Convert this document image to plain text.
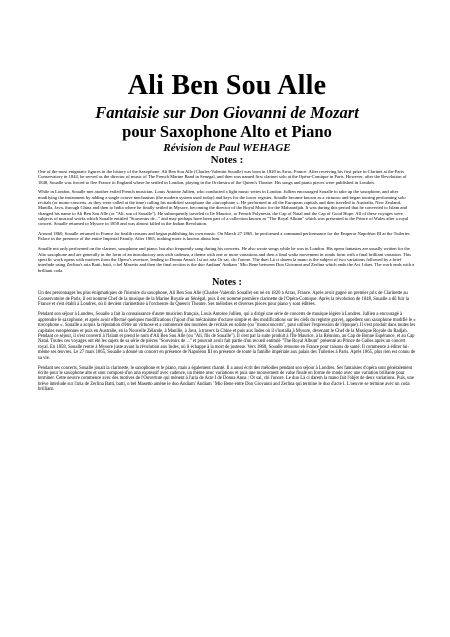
Ali Ben Sou Alle
Fantaisie sur Don Giovanni de Mozart
pour Saxophone Alto et Piano
Révision de Paul WEHAGE
Notes :

One of the most enigmatic figures in the history of the Saxophone, Ali Ben Sou Alle (Charles-Valentin Soualle) was born in 1820 in Arras, France. After receiving his first prize in Clarinet at the Paris Conservatory in 1844, he served as the director of music of The French Marine Band in Senegal, and then was named first clarinet solo at the Opéra-Comique in Paris. However, after the Revolution of 1848, Soualle was forced to flee France to England where he settled in London, playing in the Orchestra of the Queen's Theatre. His songs and piano pieces were published in London.

While in London, Soualle met another exiled French musician, Louis Antoine Jullien, who conducted a light music series in London. Jullien encouraged Soualle to take up the saxophone, and after modifying the instrument by adding a single octave mechanism (the modern system used today) and keys for the lower register, Soualle became known as a virtuoso and began touring performing solo recitals (or mono-concerts, as they were called at the time) calling his modified saxophone the «turcophone ». He performed in all the European capitals and then traveled to Australia, New Zealand, Manilla, Java, through China and then to India where he finally settled in Mysore, becoming the director of the Royal Music for the Maharadjah. It was during this period that he converted to Islam and changed his name to Ali Ben Sou Alle (or "Ali, son of Soualle"). He subsequently traveled to Ile Maurice, to French Polynesia, the Cap of Natal and the Cap of Good Hope. All of these voyages were subjects of musical works which Soualle entitled "Souvenirs de..." and may perhaps have been part of a collection known as "The Royal Album" which was presented to the Prince of Wales after a royal concert. Soualle returned to Mysore in 1858 and was almost killed in the Indian Revolution.

Around 1860, Soualle returned to France for health reasons and began publishing his own music. On March 27 1865, he performed a command performance for the Emperor Napoléon III at the Tuileries Palace in the presence of the entire Imperial Family. After 1865, nothing more is known about him.

Soualle not only performed on the clarinet, saxophone and piano, but also frequently sang during his concerts. He also wrote songs while he was in London. His opera fantasies are usually written for the Alto saxophone and are generally in the form of an introductory aria with cadenza, a theme with one or more variations and then a final waltz movement in rondo form with a final brilliant variation. This specific work opens with motives from the Opera's overture, leading to Donna Anna's 1st act aria Or sai, chi l'onore. The duet Là ci darem la mano is the subject of two variations followed by a brief interlude using Zerlina's aria Batti, batti, o bel Masetto and then the final section is the duo Andiam' Andiam ' Mio Bene between Don Giovanni and Zerlina which ends the Act I duet. The work ends with a brilliant coda

Notes :

Un des personnages les plus énigmatiques de l'histoire du saxophone, Ali Ben Sou Alle (Charles-Valentin Soualle) est né en 1820 à Arras, France. Après avoir gagné un premier prix de Clarinette au Conservatoire de Paris, il est nommé Chef de la musique de la Marine Royale au Sénégal, puis il est nommé première clarinette de l'Opéra-Comique. Après la révolution de 1848, Soualle a dû fuir la France et s'est établi à Londres, où il devient clarinettiste à l'orchestre du Queen's Theatre. Ses mélodies et diverses pièces pour piano y sont éditées.

Pendant son séjour à Londres, Soualle a fait la connaissance d'autre musicien français, Louis Antoine Jullien, qui a dirigé une série de concerts de musique légère à Londres. Jullien a encouragé à apprendre le saxophone, et après avoir effectué quelques modifications (l'ajout d'un mécanisme d'octave simple et des modifications sur les clefs du registre grave), appellent son saxophone modifié le « turcophone ». Soualle a acquis la réputation d'être un virtuose et a commencé des tournées de récitals en soliste (ou "monoconcerts", pour utiliser l'expression de l'époque). Il s'est produit dans toutes les capitales européennes et puis en Australie, en la Nouvelle Zélande, à Manille, à Java, à travers la Chine et puis aux Indes où il s'installa à Mysore, devenant le Chef de la Musique Royale du Radjah. Pendant ce séjour, il s'est converti à l'Islam et prend le nom d'Ali Ben Sou Alle (ou "Ali, fils de Soualle"). Il s'est par la suite produit à l'Île Maurice, à la Réunion, au Cap de Bonne Espérance, et au Cap Natal. Toutes ces voyages ont été les sujets de sa série de pièces "Souvenirs de ..." et pourrait avoir fait partie d'un recueil entitulé "The Royal Album" présenté au Prince de Galles après un concert royal. En 1858, Soualle rentre à Mysore juste avant la révolution aux Indes, où il échappe à la mort de justesse. Vers 1860, Soualle retourne en France pour raisons de santé. Il commence à éditer lui-même ses œuvres. Le 27 mars 1865, Soualle a donné un concert en présence de Napoléon III en présence de toute la famille impériale aux palais des Tuileries à Paris. Après 1865, plus rien est connu de sa vie.

Pendant ses concerts, Soualle jouait la clarinette, le saxophone et le piano, mais a également chanté. Il a aussi écrit des mélodies pendant son séjour à Londres. Ses fantaisies d'opéra sont généralement écrite pour le saxophone alto et sont composé d'un aria expressif avec cadence, un thème avec variations et puis une mouvement de valse finale en forme de rondo avec une variation brillante pour terminer. Cette oeuvre commence avec des motives de l'Ouverture qui mènent à l'aria de Acte I de Donna Anna : Or sai, chi l'onore. Le duo Là ci darem la mano fait l'objet de deux variations. Puis, une brève interlude sur l'aria de Zerlina Batti, batti, o bel Masetto amène le duo Andiam' Andiam ' Mio Bene entre Don Giovanni and Zerlina qui termine le duo d'acte I. L'oeuvre se termine avec un coda brilliant.
